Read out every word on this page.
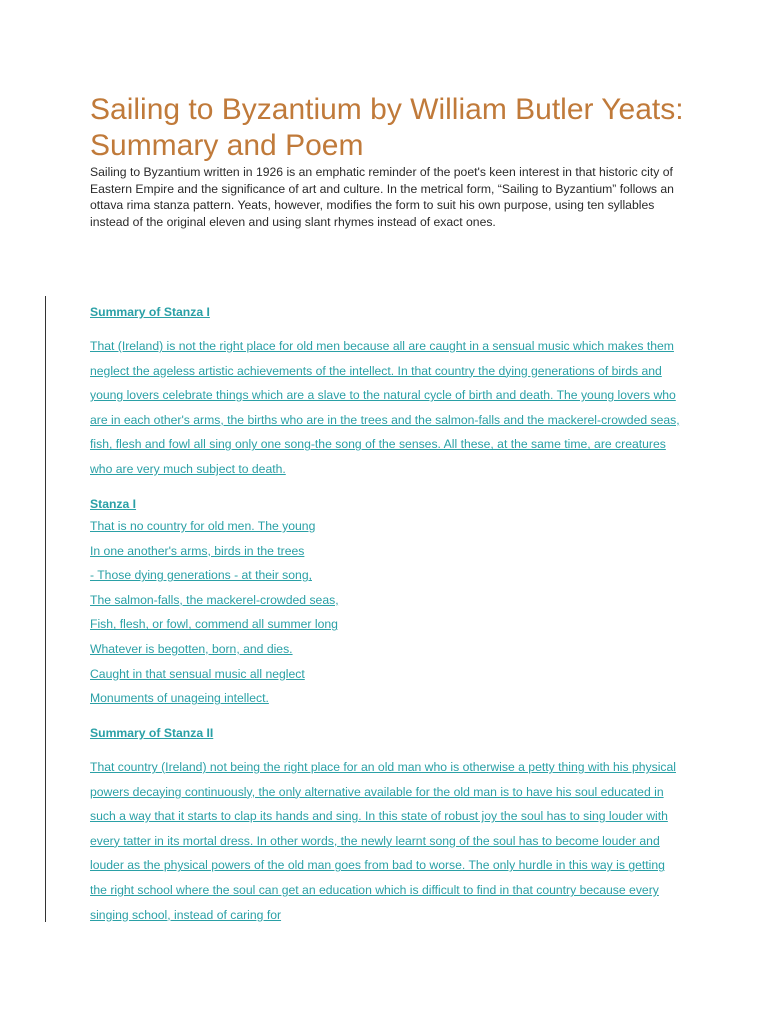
Sailing to Byzantium by William Butler Yeats: Summary and Poem

Sailing to Byzantium written in 1926 is an emphatic reminder of the poet's keen interest in that historic city of Eastern Empire and the significance of art and culture. In the metrical form, “Sailing to Byzantium” follows an ottava rima stanza pattern. Yeats, however, modifies the form to suit his own purpose, using ten syllables instead of the original eleven and using slant rhymes instead of exact ones.

Summary of Stanza I

That (Ireland) is not the right place for old men because all are caught in a sensual music which makes them neglect the ageless artistic achievements of the intellect. In that country the dying generations of birds and young lovers celebrate things which are a slave to the natural cycle of birth and death. The young lovers who are in each other's arms, the births who are in the trees and the salmon-falls and the mackerel-crowded seas, fish, flesh and fowl all sing only one song-the song of the senses. All these, at the same time, are creatures who are very much subject to death.

Stanza I

That is no country for old men. The young
In one another's arms, birds in the trees
- Those dying generations - at their song,
The salmon-falls, the mackerel-crowded seas,
Fish, flesh, or fowl, commend all summer long
Whatever is begotten, born, and dies.
Caught in that sensual music all neglect
Monuments of unageing intellect.

Summary of Stanza II

That country (Ireland) not being the right place for an old man who is otherwise a petty thing with his physical powers decaying continuously, the only alternative available for the old man is to have his soul educated in such a way that it starts to clap its hands and sing. In this state of robust joy the soul has to sing louder with every tatter in its mortal dress. In other words, the newly learnt song of the soul has to become louder and louder as the physical powers of the old man goes from bad to worse. The only hurdle in this way is getting the right school where the soul can get an education which is difficult to find in that country because every singing school, instead of caring for
